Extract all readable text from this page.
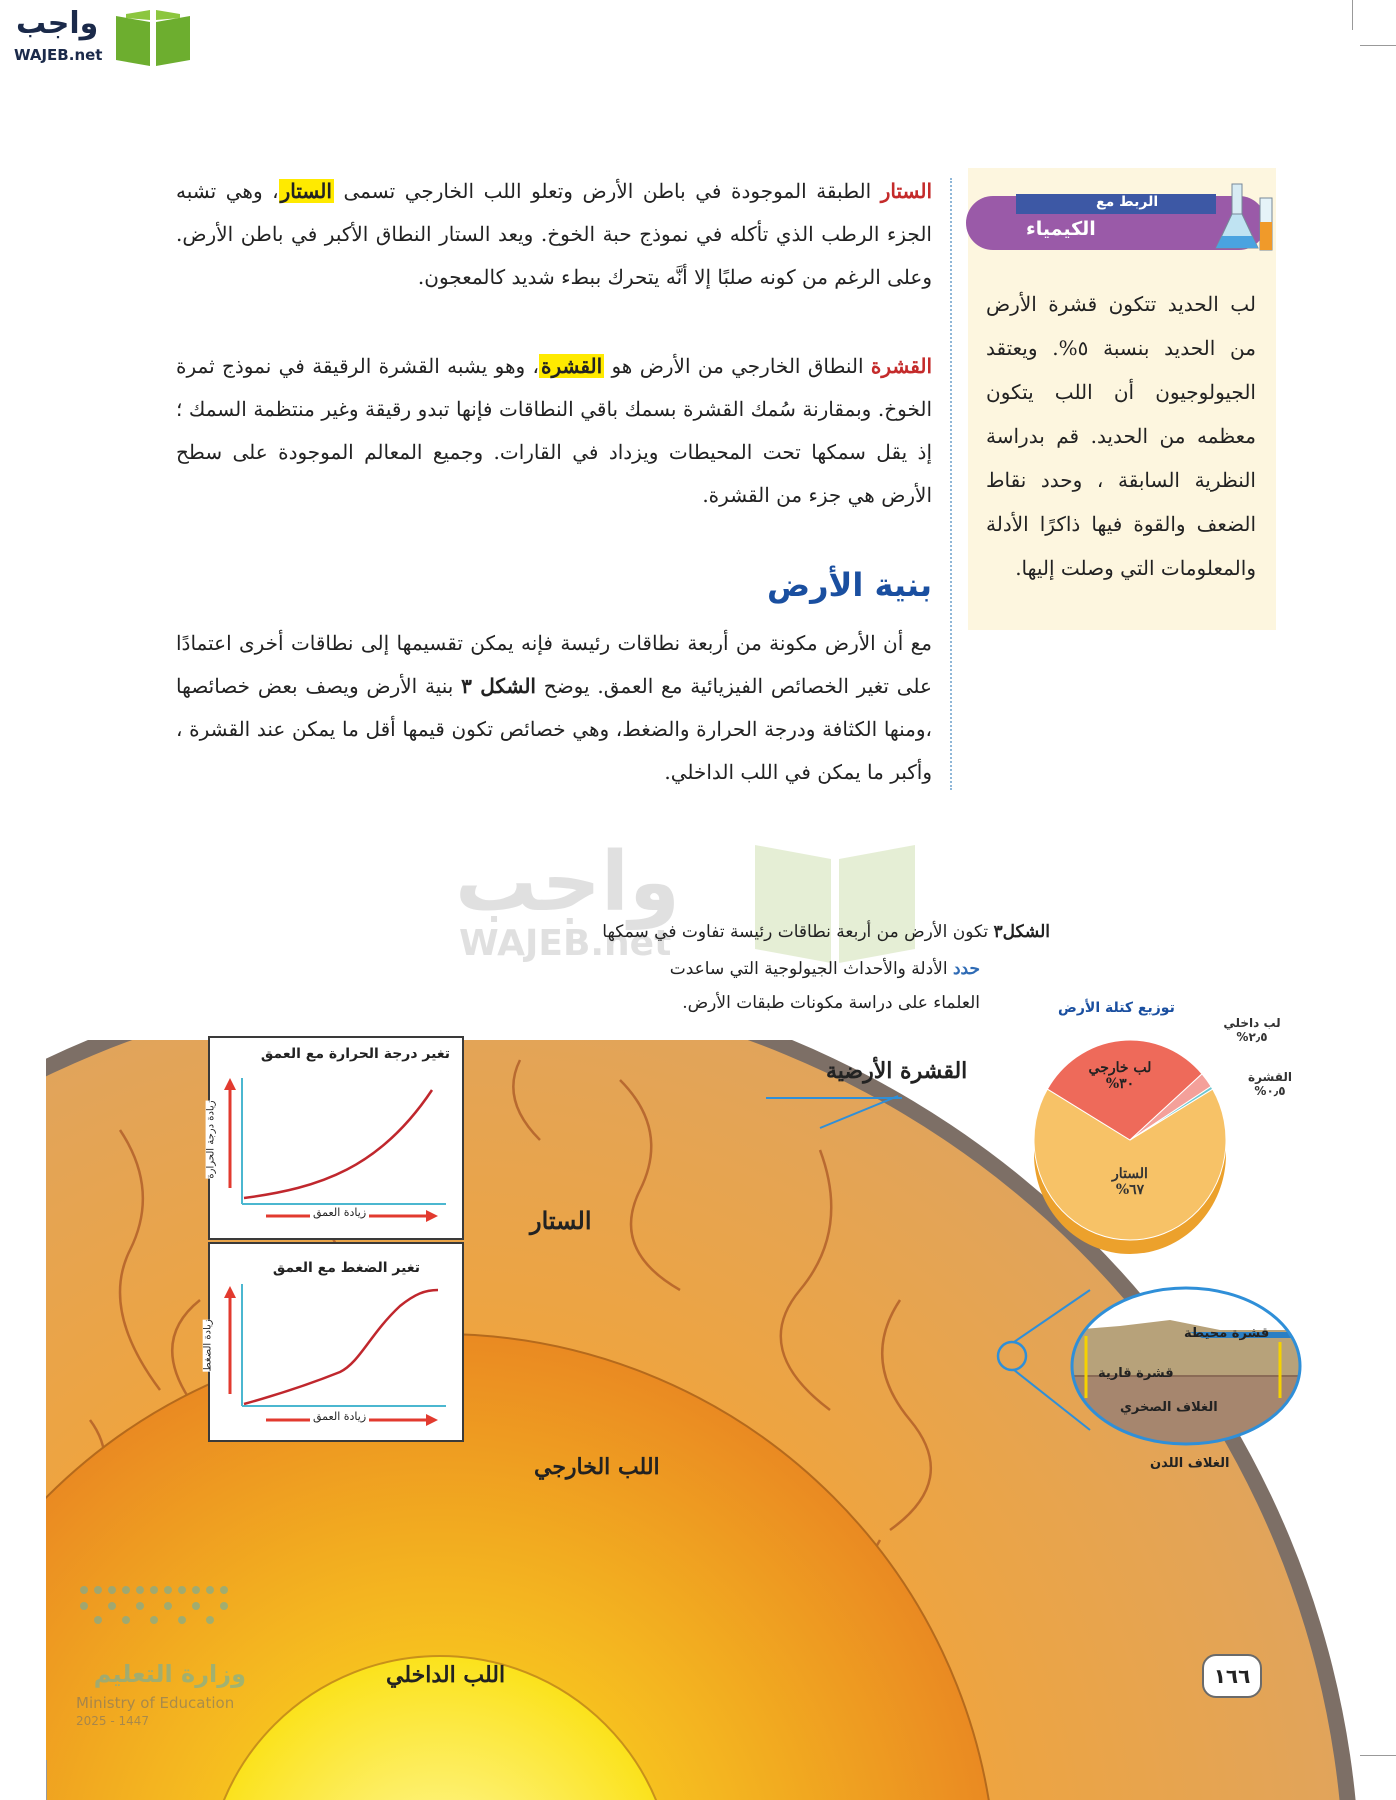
واجب
WAJEB.net
الربط مع
الكيمياء
لب الحديد تتكون قشرة الأرض من الحديد بنسبة ٥%. ويعتقد الجيولوجيون أن اللب يتكون معظمه من الحديد. قم بدراسة النظرية السابقة ، وحدد نقاط الضعف والقوة فيها ذاكرًا الأدلة والمعلومات التي وصلت إليها.
الستار الطبقة الموجودة في باطن الأرض وتعلو اللب الخارجي تسمى الستار، وهي تشبه الجزء الرطب الذي تأكله في نموذج حبة الخوخ. ويعد الستار النطاق الأكبر في باطن الأرض. وعلى الرغم من كونه صلبًا إلا أنَّه يتحرك ببطء شديد كالمعجون.
القشرة النطاق الخارجي من الأرض هو القشرة، وهو يشبه القشرة الرقيقة في نموذج ثمرة الخوخ. وبمقارنة سُمك القشرة بسمك باقي النطاقات فإنها تبدو رقيقة وغير منتظمة السمك ؛ إذ يقل سمكها تحت المحيطات ويزداد في القارات. وجميع المعالم الموجودة على سطح الأرض هي جزء من القشرة.
بنية الأرض
مع أن الأرض مكونة من أربعة نطاقات رئيسة فإنه يمكن تقسيمها إلى نطاقات أخرى اعتمادًا على تغير الخصائص الفيزيائية مع العمق. يوضح الشكل ٣ بنية الأرض ويصف بعض خصائصها ،ومنها الكثافة ودرجة الحرارة والضغط، وهي خصائص تكون قيمها أقل ما يمكن عند القشرة ، وأكبر ما يمكن في اللب الداخلي.
واجب
WAJEB.net	الشكل٣ تكون الأرض من أربعة نطاقات رئيسة تفاوت في سمكها
حدد الأدلة والأحداث الجيولوجية التي ساعدت العلماء على دراسة مكونات طبقات الأرض.
القشرة الأرضية
الستار
اللب الخارجي
اللب الداخلي
تغير درجة الحرارة مع العمق
زيادة العمق
زيادة درجة الحرارة
تغير الضغط مع العمق
زيادة العمق
زيادة الضغط
توزيع كتلة الأرض
الستار
%٦٧
لب خارجي
%٣٠
لب داخلي
%٢٫٥
القشرة
%٠٫٥
قشرة محيطة
قشرة قارية
الغلاف الصخري
الغلاف اللدن
وزارة التعليم
Ministry of Education
2025 - 1447
١٦٦
